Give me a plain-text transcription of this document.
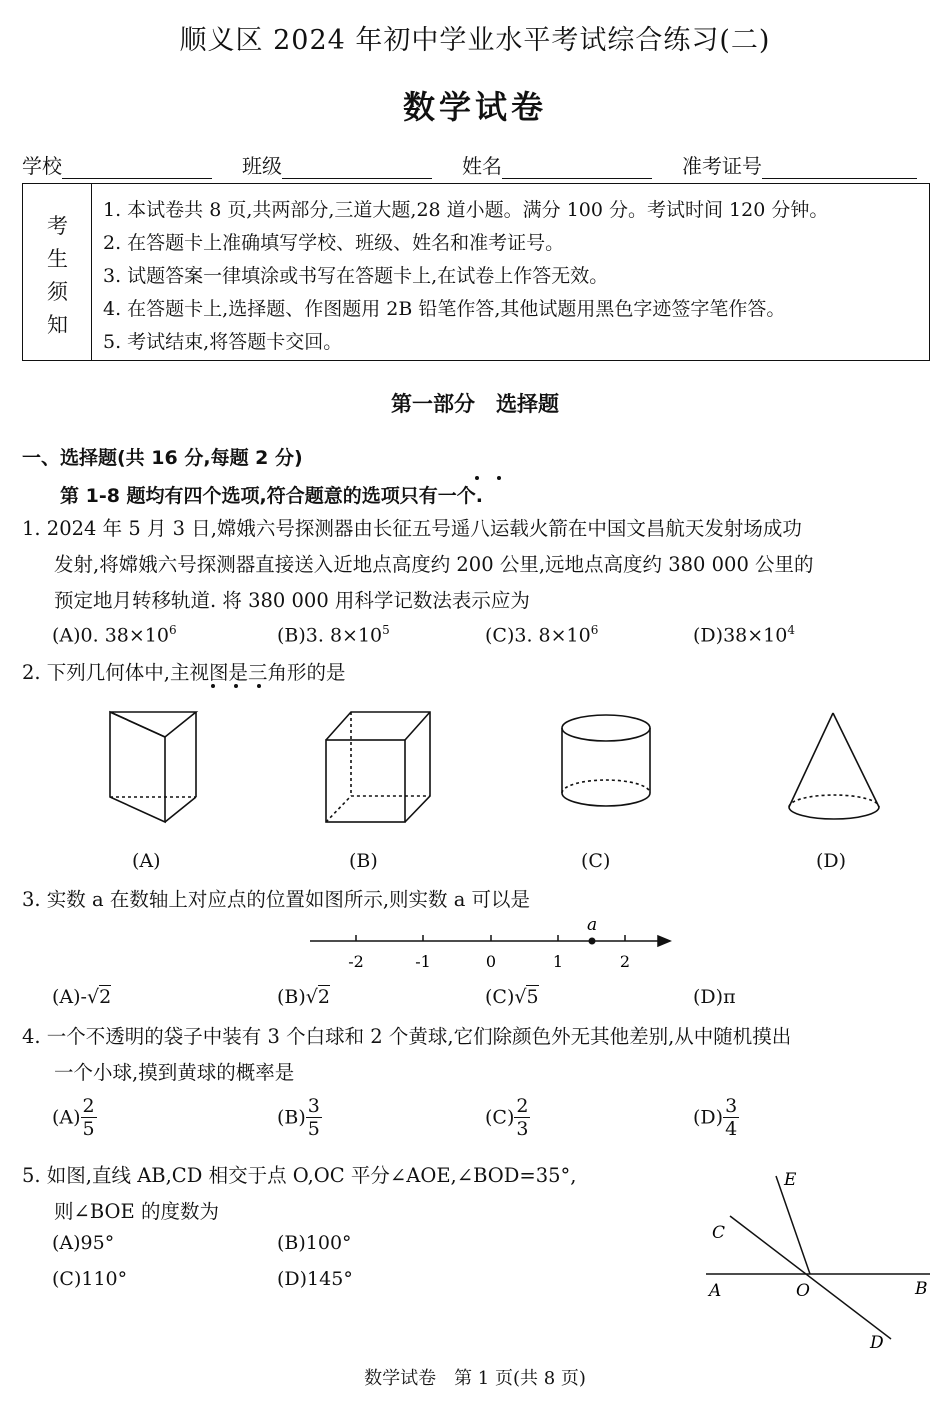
顺义区 2024 年初中学业水平考试综合练习(二)
数学试卷
学校	班级	姓名	准考证号
考
生
须
知
1. 本试卷共 8 页,共两部分,三道大题,28 道小题。满分 100 分。考试时间 120 分钟。
2. 在答题卡上准确填写学校、班级、姓名和准考证号。
3. 试题答案一律填涂或书写在答题卡上,在试卷上作答无效。
4. 在答题卡上,选择题、作图题用 2B 铅笔作答,其他试题用黑色字迹签字笔作答。
5. 考试结束,将答题卡交回。
第一部分　选择题
一、选择题(共 16 分,每题 2 分)
第 1-8 题均有四个选项,符合题意的选项只有一个.
1. 2024 年 5 月 3 日,嫦娥六号探测器由长征五号遥八运载火箭在中国文昌航天发射场成功
发射,将嫦娥六号探测器直接送入近地点高度约 200 公里,远地点高度约 380 000 公里的
预定地月转移轨道. 将 380 000 用科学记数法表示应为
(A)0. $38\times 10^6$	(B)3. $8\times 10^5$	(C)3. $8\times 10^6$	$(D)38\times 10^4$
2. 下列几何体中,主视图是三角形的是
(A)	(B)	(C)	(D)
3. 实数 a 在数轴上对应点的位置如图所示,则实数 a 可以是
a
-2	-1	0	1	2
(A)-√2	(B)√2	(C)√5	(D)π
4. 一个不透明的袋子中装有 3 个白球和 2 个黄球,它们除颜色外无其他差别,从中随机摸出
一个小球,摸到黄球的概率是
$(A) \frac{2}{5}$	$(B) \frac{3}{5}$	$(C) \frac{2}{3}$	$(D) \frac{3}{4}$
5. 如图,直线 AB,CD 相交于点 O,OC 平分∠AOE,∠BOD=35°,
则∠BOE 的度数为
(A)95°	(B)100°
(C)110°	(D)145°
E
C
A	O	B
D
数学试卷　第 1 页(共 8 页)
